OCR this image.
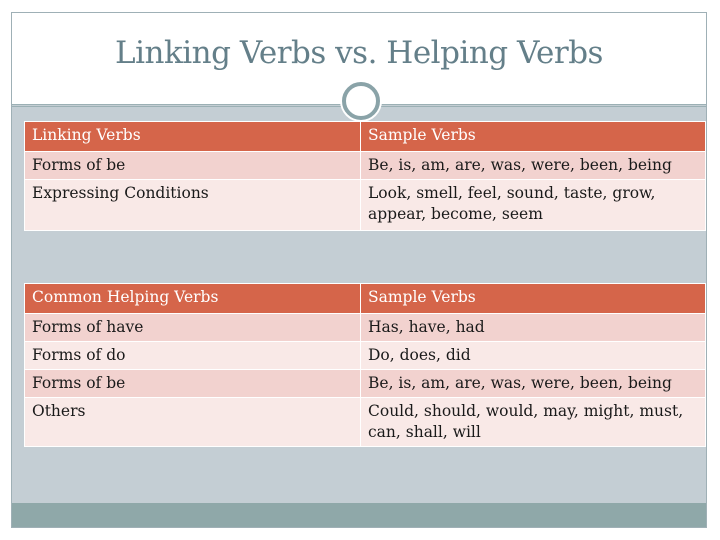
Linking Verbs vs. Helping Verbs
Linking Verbs	Sample Verbs
Forms of be	Be, is, am, are, was, were, been, being
Expressing Conditions	Look, smell, feel, sound, taste, grow, appear, become, seem
Common Helping Verbs	Sample Verbs
Forms of have	Has, have, had
Forms of do	Do, does, did
Forms of be	Be, is, am, are, was, were, been, being
Others	Could, should, would, may, might, must, can, shall, will
